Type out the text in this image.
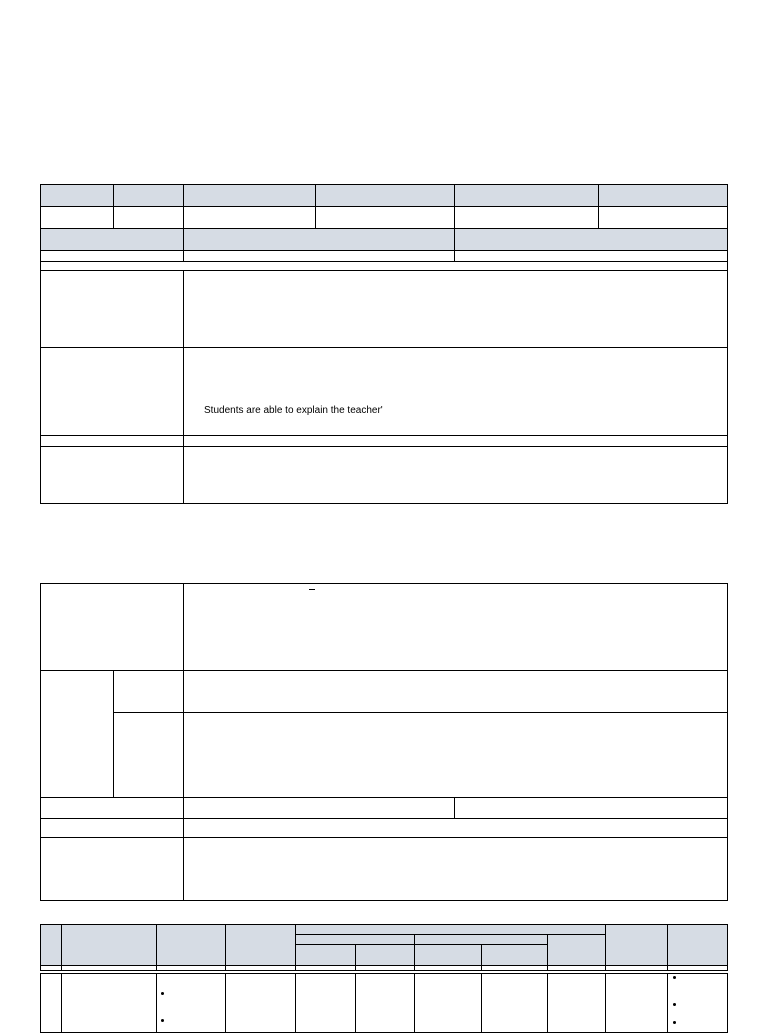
Students are able to explain the teacher'
